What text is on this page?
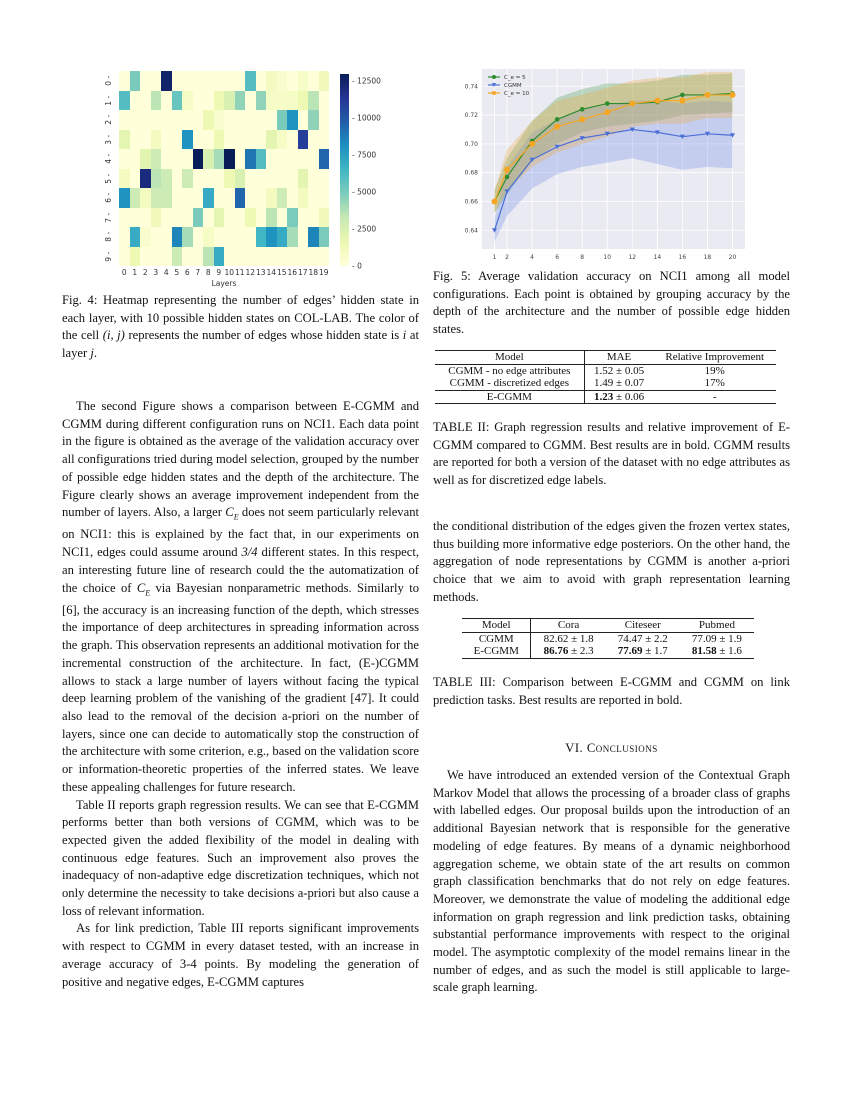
0 -
1 -
2 -
3 -
4 -
5 -
6 -
7 -
8 -
9 -
0 1 2 3 4 5 6 7 8 9 10 11 12 13 14 15 16 17 18 19
Layers
- 0
- 2500
- 5000
- 7500
- 10000
- 12500
Fig. 4: Heatmap representing the number of edges’ hidden state in each layer, with 10 possible hidden states on COL-LAB. The color of the cell (i, j) represents the number of edges whose hidden state is i at layer j.
1 2	4	6	8	10	12	14	16	18	20
0.64
0.66
0.68
0.70
0.72
0.74
C_e = 5
CGMM
C_e = 10
Fig. 5: Average validation accuracy on NCI1 among all model configurations. Each point is obtained by grouping accuracy by the depth of the architecture and the number of possible edge hidden states.
Model	MAE	Relative Improvement
CGMM - no edge attributes	1.52 ± 0.05	19%
CGMM - discretized edges	1.49 ± 0.07	17%
E-CGMM	1.23 ± 0.06	-
TABLE II: Graph regression results and relative improvement of E-CGMM compared to CGMM. Best results are in bold. CGMM results are reported for both a version of the dataset with no edge attributes as well as for discretized edge labels.

the conditional distribution of the edges given the frozen vertex states, thus building more informative edge posteriors. On the other hand, the aggregation of node representations by CGMM is another a-priori choice that we aim to avoid with graph representation learning methods.

Model	Cora	Citeseer	Pubmed
CGMM	82.62 ± 1.8	74.47 ± 2.2	77.09 ± 1.9
E-CGMM	86.76 ± 2.3	77.69 ± 1.7	81.58 ± 1.6
TABLE III: Comparison between E-CGMM and CGMM on link prediction tasks. Best results are reported in bold.
VI. Conclusions

We have introduced an extended version of the Contextual Graph Markov Model that allows the processing of a broader class of graphs with labelled edges. Our proposal builds upon the introduction of an additional Bayesian network that is responsible for the generative modeling of edge features. By means of a dynamic neighborhood aggregation scheme, we obtain state of the art results on common graph classification benchmarks that do not rely on edge features. Moreover, we demonstrate the value of modeling the additional edge information on graph regression and link prediction tasks, obtaining substantial performance improvements with respect to the original model. The asymptotic complexity of the model remains linear in the number of edges, and as such the model is still applicable to large-scale graph learning.

The second Figure shows a comparison between E-CGMM and CGMM during different configuration runs on NCI1. Each data point in the figure is obtained as the average of the validation accuracy over all configurations tried during model selection, grouped by the number of possible edge hidden states and the depth of the architecture. The Figure clearly shows an average improvement independent from the number of layers. Also, a larger $C_E$ does not seem particularly relevant on NCI1: this is explained by the fact that, in our experiments on NCI1, edges could assume around 3/4 different states. In this respect, an interesting future line of research could the the automatization of the choice of $C_E$ via Bayesian nonparametric methods. Similarly to [6], the accuracy is an increasing function of the depth, which stresses the importance of deep architectures in spreading information across the graph. This observation represents an additional motivation for the incremental construction of the architecture. In fact, (E-)CGMM allows to stack a large number of layers without facing the typical deep learning problem of the vanishing of the gradient [47]. It could also lead to the removal of the decision a-priori on the number of layers, since one can decide to automatically stop the construction of the architecture with some criterion, e.g., based on the validation score or information-theoretic properties of the inferred states. We leave these appealing challenges for future research.

Table II reports graph regression results. We can see that E-CGMM performs better than both versions of CGMM, which was to be expected given the added flexibility of the model in dealing with continuous edge features. Such an improvement also proves the inadequacy of non-adaptive edge discretization techniques, which not only determine the necessity to take decisions a-priori but also cause a loss of relevant information.

As for link prediction, Table III reports significant improvements with respect to CGMM in every dataset tested, with an increase in average accuracy of 3-4 points. By modeling the generation of positive and negative edges, E-CGMM captures
